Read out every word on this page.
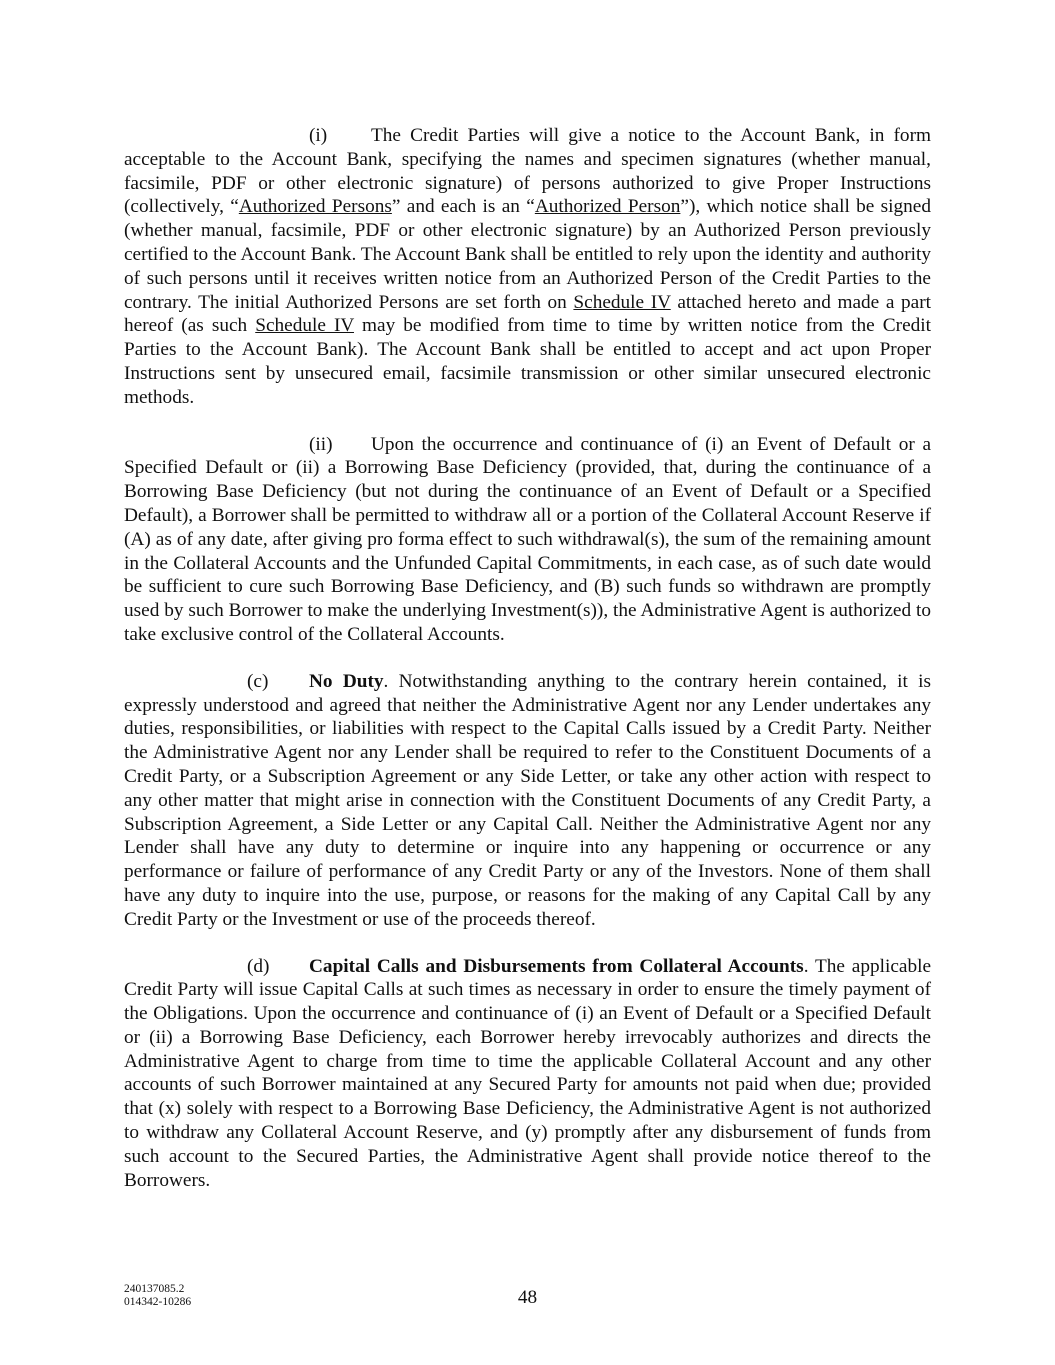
(i) The Credit Parties will give a notice to the Account Bank, in form acceptable to the Account Bank, specifying the names and specimen signatures (whether manual, facsimile, PDF or other electronic signature) of persons authorized to give Proper Instructions (collectively, “Authorized Persons” and each is an “Authorized Person”), which notice shall be signed (whether manual, facsimile, PDF or other electronic signature) by an Authorized Person previously certified to the Account Bank. The Account Bank shall be entitled to rely upon the identity and authority of such persons until it receives written notice from an Authorized Person of the Credit Parties to the contrary. The initial Authorized Persons are set forth on Schedule IV attached hereto and made a part hereof (as such Schedule IV may be modified from time to time by written notice from the Credit Parties to the Account Bank). The Account Bank shall be entitled to accept and act upon Proper Instructions sent by unsecured email, facsimile transmission or other similar unsecured electronic methods.

(ii) Upon the occurrence and continuance of (i) an Event of Default or a Specified Default or (ii) a Borrowing Base Deficiency (provided, that, during the continuance of a Borrowing Base Deficiency (but not during the continuance of an Event of Default or a Specified Default), a Borrower shall be permitted to withdraw all or a portion of the Collateral Account Reserve if (A) as of any date, after giving pro forma effect to such withdrawal(s), the sum of the remaining amount in the Collateral Accounts and the Unfunded Capital Commitments, in each case, as of such date would be sufficient to cure such Borrowing Base Deficiency, and (B) such funds so withdrawn are promptly used by such Borrower to make the underlying Investment(s)), the Administrative Agent is authorized to take exclusive control of the Collateral Accounts.

(c) No Duty. Notwithstanding anything to the contrary herein contained, it is expressly understood and agreed that neither the Administrative Agent nor any Lender undertakes any duties, responsibilities, or liabilities with respect to the Capital Calls issued by a Credit Party. Neither the Administrative Agent nor any Lender shall be required to refer to the Constituent Documents of a Credit Party, or a Subscription Agreement or any Side Letter, or take any other action with respect to any other matter that might arise in connection with the Constituent Documents of any Credit Party, a Subscription Agreement, a Side Letter or any Capital Call. Neither the Administrative Agent nor any Lender shall have any duty to determine or inquire into any happening or occurrence or any performance or failure of performance of any Credit Party or any of the Investors. None of them shall have any duty to inquire into the use, purpose, or reasons for the making of any Capital Call by any Credit Party or the Investment or use of the proceeds thereof.

(d) Capital Calls and Disbursements from Collateral Accounts. The applicable Credit Party will issue Capital Calls at such times as necessary in order to ensure the timely payment of the Obligations. Upon the occurrence and continuance of (i) an Event of Default or a Specified Default or (ii) a Borrowing Base Deficiency, each Borrower hereby irrevocably authorizes and directs the Administrative Agent to charge from time to time the applicable Collateral Account and any other accounts of such Borrower maintained at any Secured Party for amounts not paid when due; provided that (x) solely with respect to a Borrowing Base Deficiency, the Administrative Agent is not authorized to withdraw any Collateral Account Reserve, and (y) promptly after any disbursement of funds from such account to the Secured Parties, the Administrative Agent shall provide notice thereof to the Borrowers.

240137085.2
014342-10286	48
